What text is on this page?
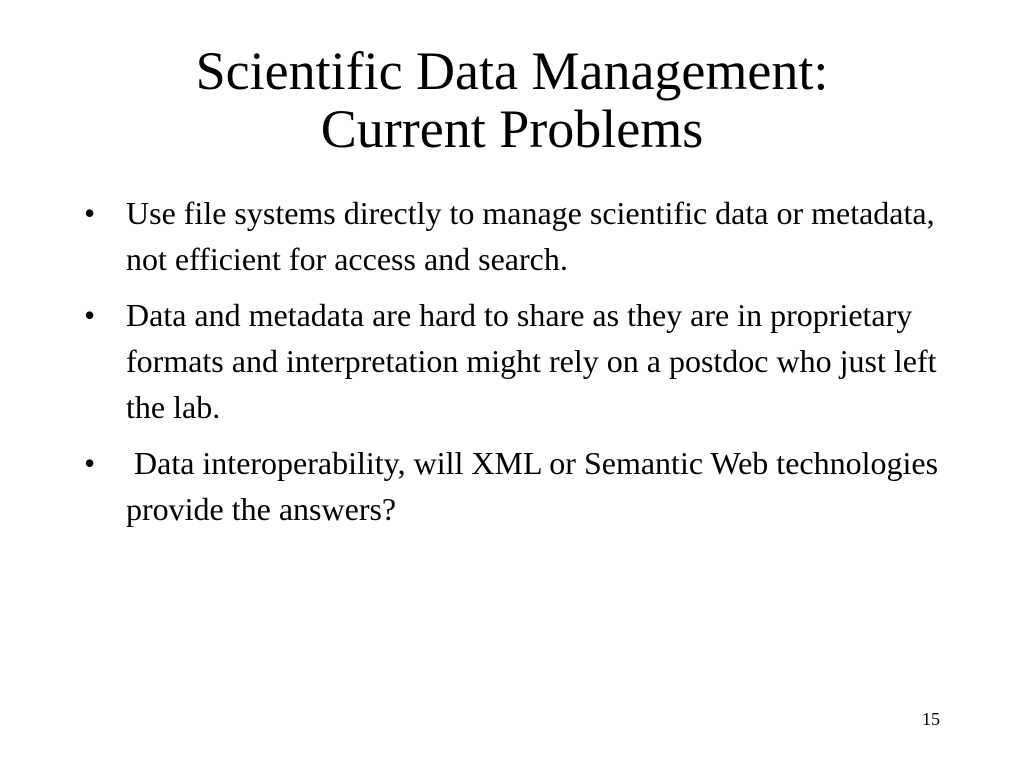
Scientific Data Management:
Current Problems
• Use file systems directly to manage scientific data or metadata, not efficient for access and search.
• Data and metadata are hard to share as they are in proprietary formats and interpretation might rely on a postdoc who just left the lab.
• Data interoperability, will XML or Semantic Web technologies provide the answers?
15
